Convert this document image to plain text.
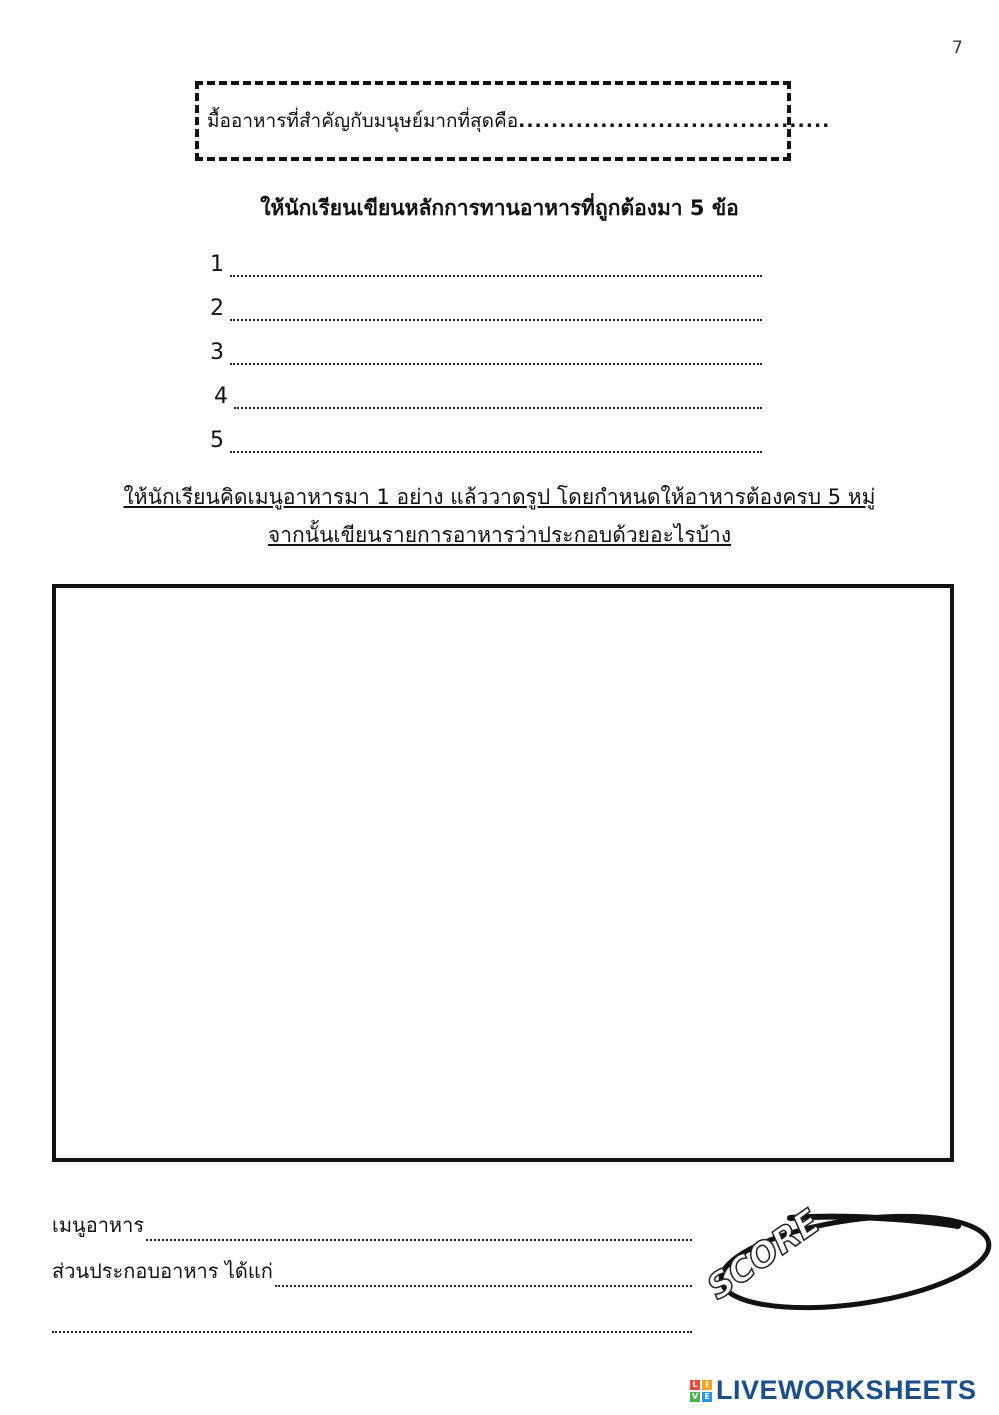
7
มื้ออาหารที่สำคัญกับมนุษย์มากที่สุดคือ ......................................
ให้นักเรียนเขียนหลักการทานอาหารที่ถูกต้องมา 5 ข้อ
1
2
3
4
5
ให้นักเรียนคิดเมนูอาหารมา 1 อย่าง แล้ววาดรูป โดยกำหนดให้อาหารต้องครบ 5 หมู่
จากนั้นเขียนรายการอาหารว่าประกอบด้วยอะไรบ้าง
เมนูอาหาร
ส่วนประกอบอาหาร ได้แก่	SCORE
L I
V E LIVEWORKSHEETS
